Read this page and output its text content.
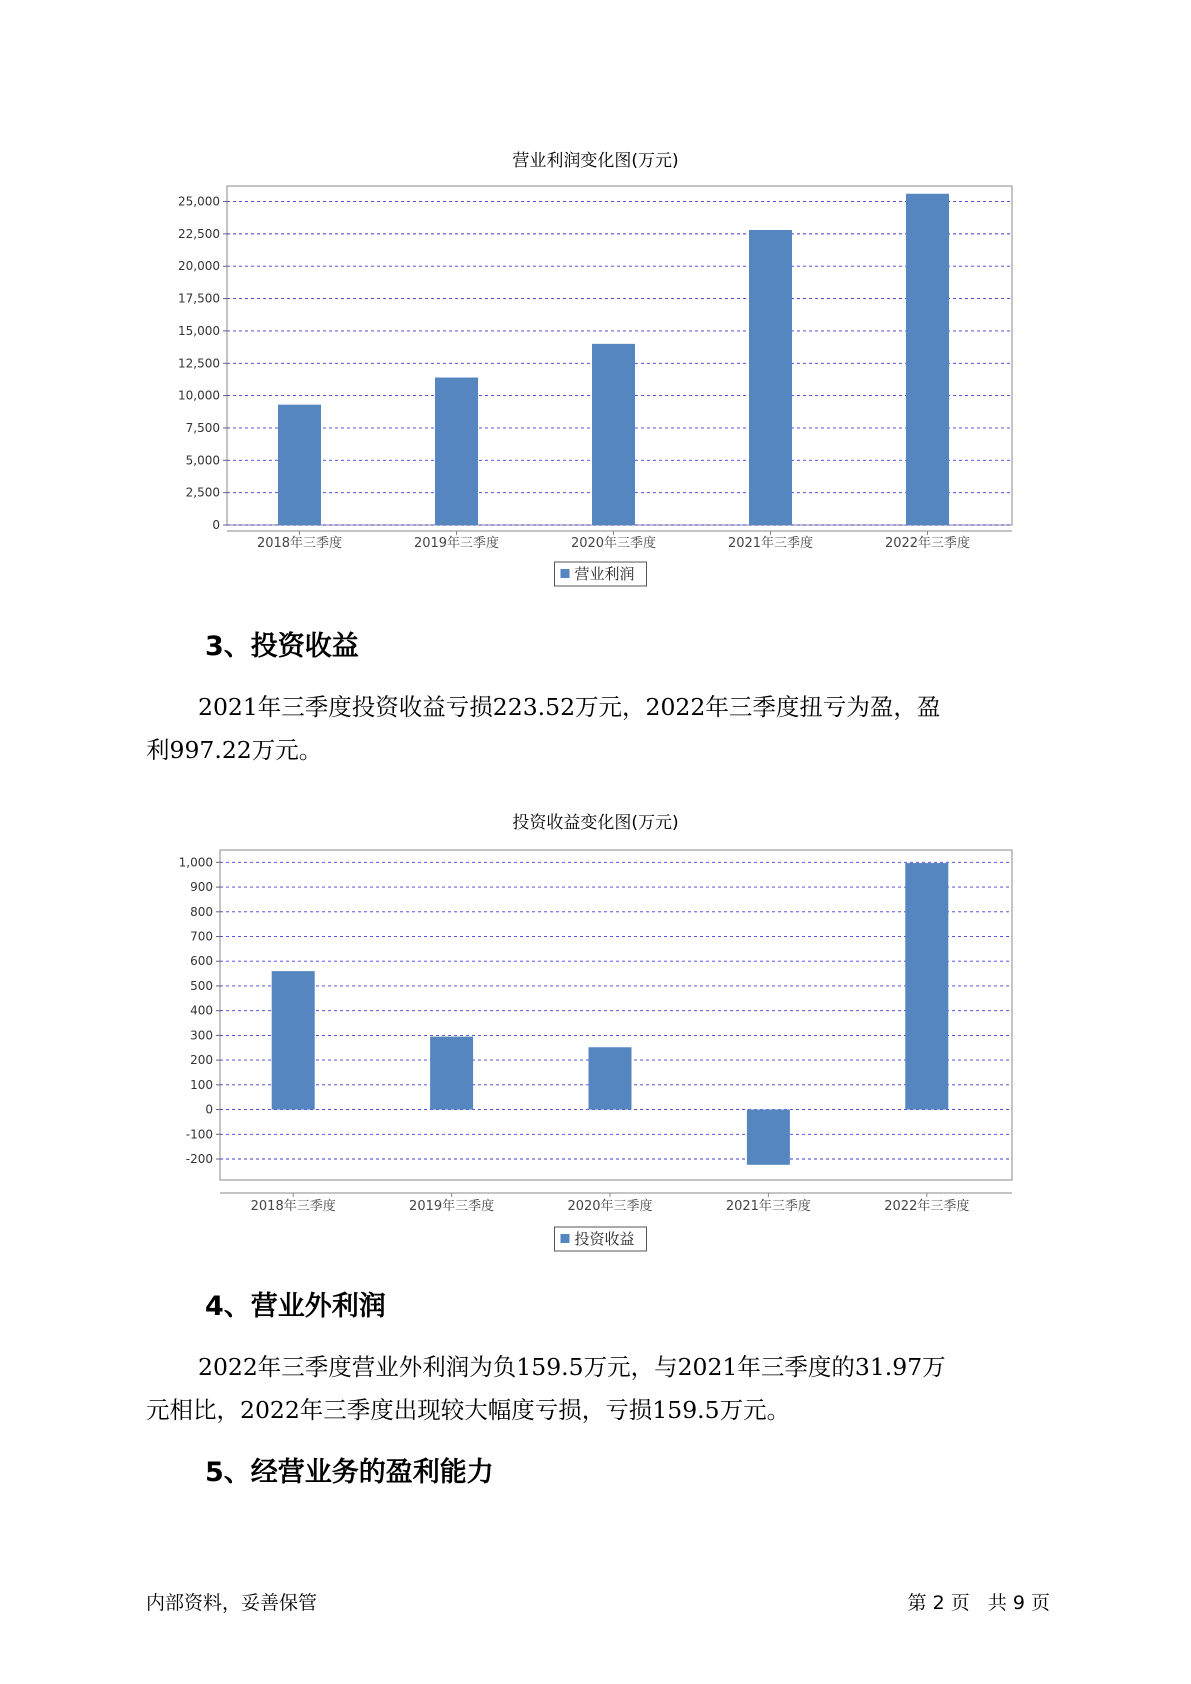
营业利润变化图(万元)
0
2,500
5,000
7,500
10,000
12,500
15,000
17,500
20,000
22,500
25,000
2018年三季度	2019年三季度	2020年三季度	2021年三季度	2022年三季度
营业利润
3、投资收益

2021年三季度投资收益亏损223.52万元，2022年三季度扭亏为盈，盈
利997.22万元。

投资收益变化图(万元)
-200
-100
0
100
200
300
400
500
600
700
800
900
1,000
2018年三季度	2019年三季度	2020年三季度	2021年三季度	2022年三季度
投资收益
4、营业外利润

2022年三季度营业外利润为负159.5万元，与2021年三季度的31.97万
元相比，2022年三季度出现较大幅度亏损，亏损159.5万元。

5、经营业务的盈利能力
内部资料，妥善保管	第 2 页   共 9 页
